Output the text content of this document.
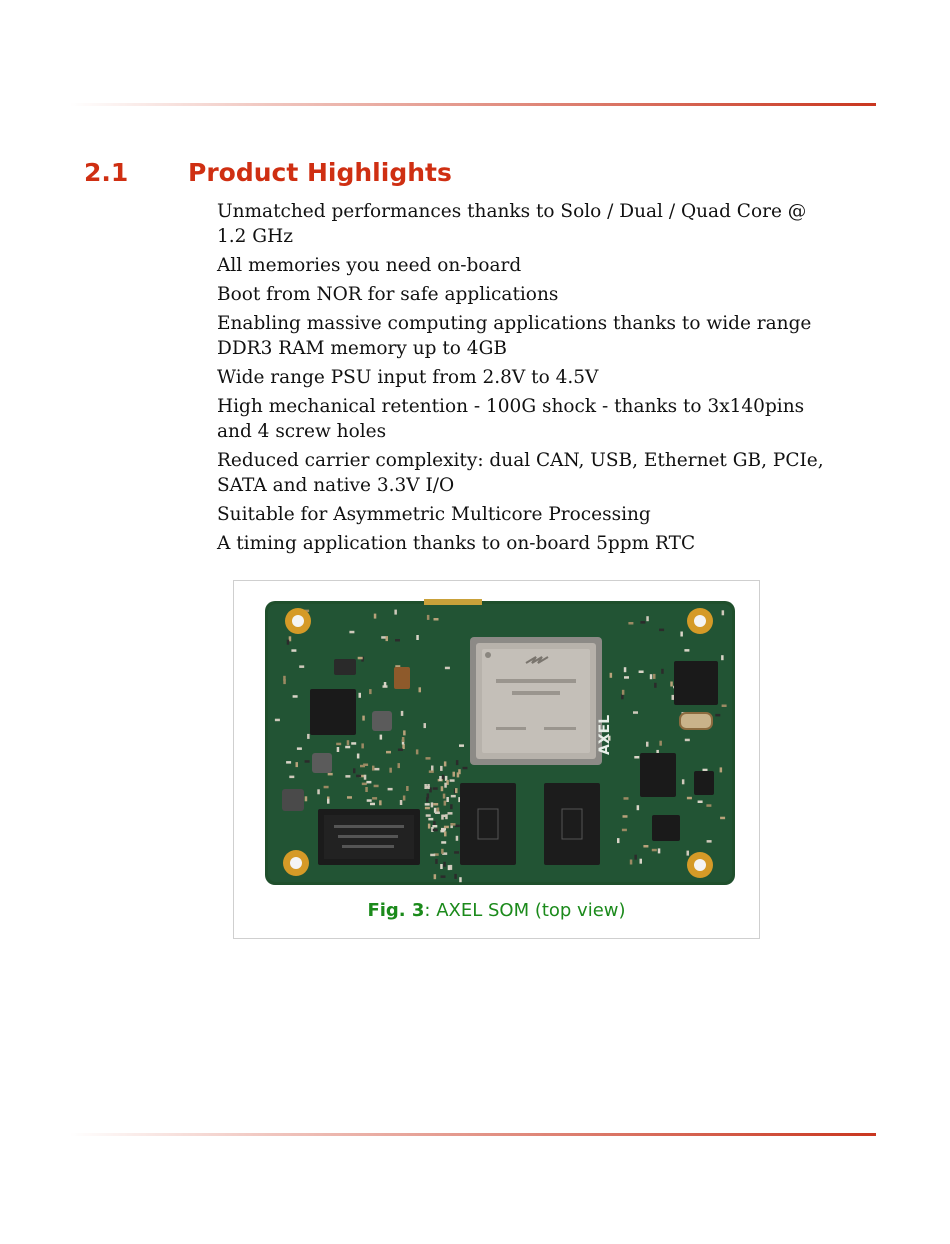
2.1 Product Highlights
Unmatched performances thanks to Solo / Dual / Quad Core @ 1.2 GHz
All memories you need on-board
Boot from NOR for safe applications
Enabling massive computing applications thanks to wide range DDR3 RAM memory up to 4GB
Wide range PSU input from 2.8V to 4.5V
High mechanical retention - 100G shock - thanks to 3x140pins and 4 screw holes
Reduced carrier complexity: dual CAN, USB, Ethernet GB, PCIe, SATA and native 3.3V I/O
Suitable for Asymmetric Multicore Processing
A timing application thanks to on-board 5ppm RTC
AXEL
Fig. 3: AXEL SOM (top view)
